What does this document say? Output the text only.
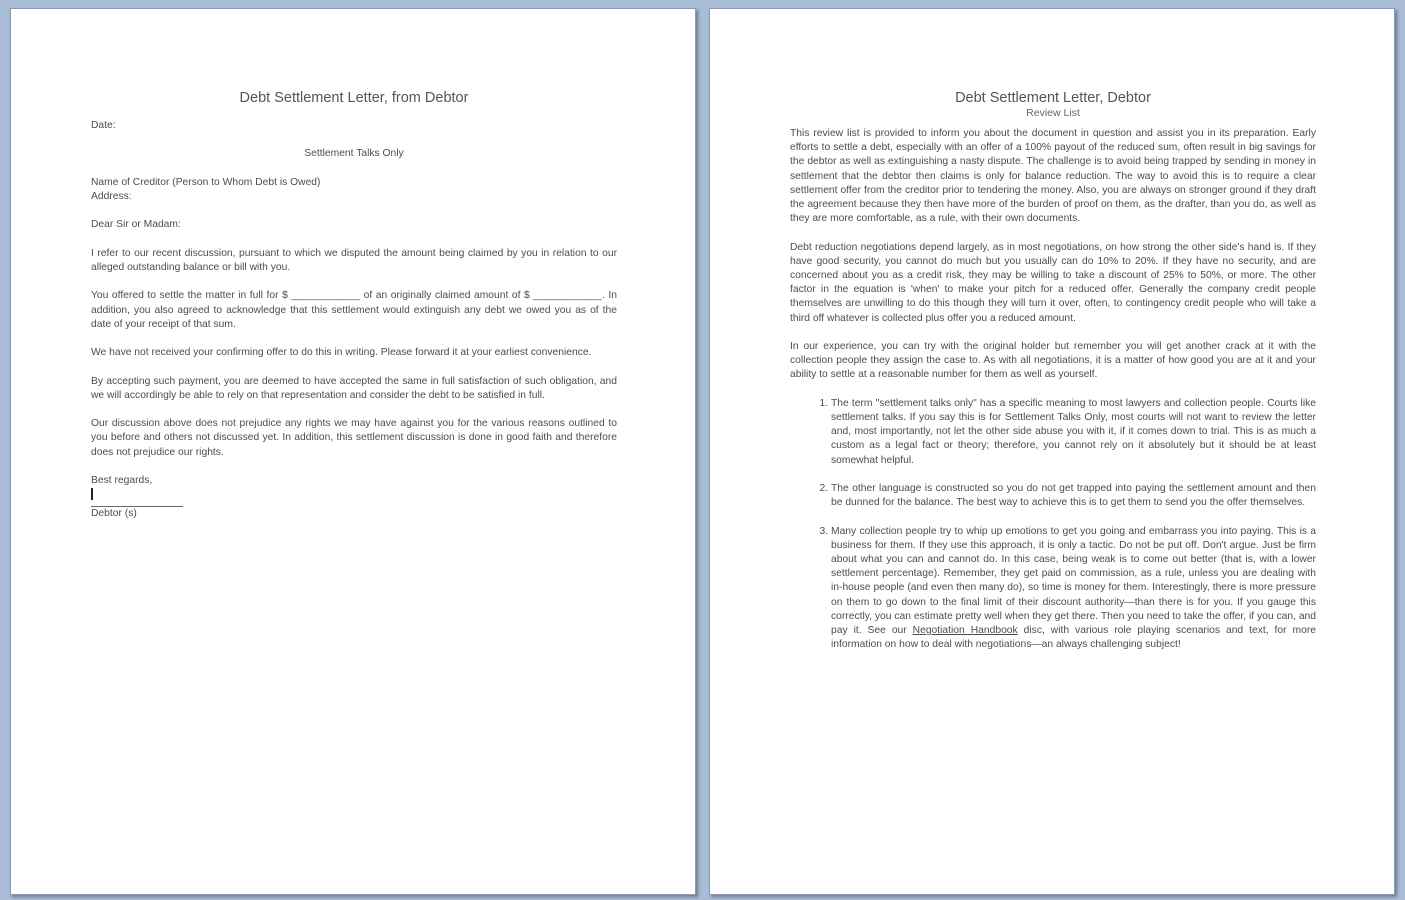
Debt Settlement Letter, from Debtor

Date:

Settlement Talks Only

Name of Creditor (Person to Whom Debt is Owed)

Address:

Dear Sir or Madam:

I refer to our recent discussion, pursuant to which we disputed the amount being claimed by you in relation to our alleged outstanding balance or bill with you.

You offered to settle the matter in full for $ ____________ of an originally claimed amount of $ ____________. In addition, you also agreed to acknowledge that this settlement would extinguish any debt we owed you as of the date of your receipt of that sum.

We have not received your confirming offer to do this in writing. Please forward it at your earliest convenience.

By accepting such payment, you are deemed to have accepted the same in full satisfaction of such obligation, and we will accordingly be able to rely on that representation and consider the debt to be satisfied in full.

Our discussion above does not prejudice any rights we may have against you for the various reasons outlined to you before and others not discussed yet. In addition, this settlement discussion is done in good faith and therefore does not prejudice our rights.

Best regards,

Debtor (s)

Debt Settlement Letter, Debtor
Review List

This review list is provided to inform you about the document in question and assist you in its preparation. Early efforts to settle a debt, especially with an offer of a 100% payout of the reduced sum, often result in big savings for the debtor as well as extinguishing a nasty dispute. The challenge is to avoid being trapped by sending in money in settlement that the debtor then claims is only for balance reduction. The way to avoid this is to require a clear settlement offer from the creditor prior to tendering the money. Also, you are always on stronger ground if they draft the agreement because they then have more of the burden of proof on them, as the drafter, than you do, as well as they are more comfortable, as a rule, with their own documents.

Debt reduction negotiations depend largely, as in most negotiations, on how strong the other side's hand is. If they have good security, you cannot do much but you usually can do 10% to 20%. If they have no security, and are concerned about you as a credit risk, they may be willing to take a discount of 25% to 50%, or more. The other factor in the equation is 'when' to make your pitch for a reduced offer. Generally the company credit people themselves are unwilling to do this though they will turn it over, often, to contingency credit people who will take a third off whatever is collected plus offer you a reduced amount.

In our experience, you can try with the original holder but remember you will get another crack at it with the collection people they assign the case to. As with all negotiations, it is a matter of how good you are at it and your ability to settle at a reasonable number for them as well as yourself.

1. The term "settlement talks only" has a specific meaning to most lawyers and collection people. Courts like settlement talks. If you say this is for Settlement Talks Only, most courts will not want to review the letter and, most importantly, not let the other side abuse you with it, if it comes down to trial. This is as much a custom as a legal fact or theory; therefore, you cannot rely on it absolutely but it should be at least somewhat helpful.
2. The other language is constructed so you do not get trapped into paying the settlement amount and then be dunned for the balance. The best way to achieve this is to get them to send you the offer themselves.
3. Many collection people try to whip up emotions to get you going and embarrass you into paying. This is a business for them. If they use this approach, it is only a tactic. Do not be put off. Don't argue. Just be firm about what you can and cannot do. In this case, being weak is to come out better (that is, with a lower settlement percentage). Remember, they get paid on commission, as a rule, unless you are dealing with in-house people (and even then many do), so time is money for them. Interestingly, there is more pressure on them to go down to the final limit of their discount authority—than there is for you. If you gauge this correctly, you can estimate pretty well when they get there. Then you need to take the offer, if you can, and pay it. See our Negotiation Handbook disc, with various role playing scenarios and text, for more information on how to deal with negotiations—an always challenging subject!
